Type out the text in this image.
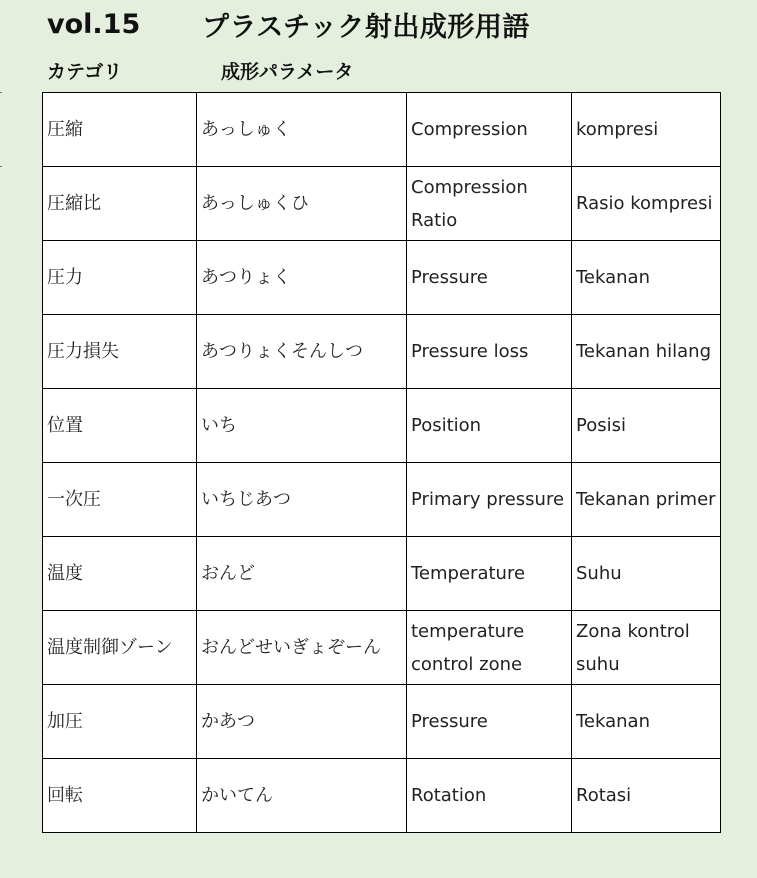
vol.15	プラスチック射出成形用語
カテゴリ	成形パラメータ
圧縮	あっしゅく	Compression	kompresi
圧縮比	あっしゅくひ	Compression Ratio	Rasio kompresi
圧力	あつりょく	Pressure	Tekanan
圧力損失	あつりょくそんしつ	Pressure loss	Tekanan hilang
位置	いち	Position	Posisi
一次圧	いちじあつ	Primary pressure	Tekanan primer
温度	おんど	Temperature	Suhu
温度制御ゾーン	おんどせいぎょぞーん	temperature control zone	Zona kontrol suhu
加圧	かあつ	Pressure	Tekanan
回転	かいてん	Rotation	Rotasi
